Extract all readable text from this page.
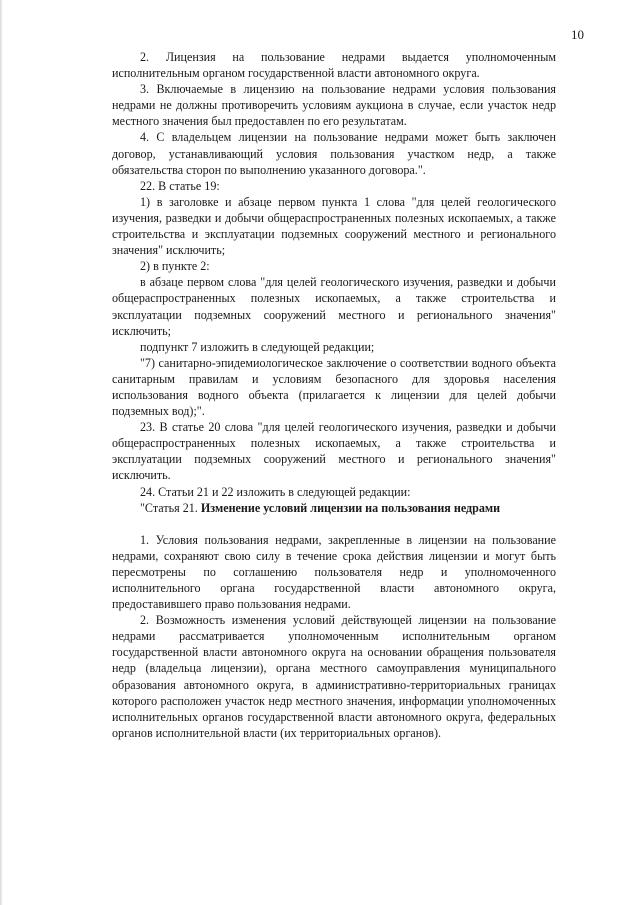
10

2. Лицензия на пользование недрами выдается уполномоченным исполнительным органом государственной власти автономного округа.

3. Включаемые в лицензию на пользование недрами условия пользования недрами не должны противоречить условиям аукциона в случае, если участок недр местного значения был предоставлен по его результатам.

4. С владельцем лицензии на пользование недрами может быть заключен договор, устанавливающий условия пользования участком недр, а также обязательства сторон по выполнению указанного договора.".

22. В статье 19:

1) в заголовке и абзаце первом пункта 1 слова "для целей геологического изучения, разведки и добычи общераспространенных полезных ископаемых, а также строительства и эксплуатации подземных сооружений местного и регионального значения" исключить;

2) в пункте 2:

в абзаце первом слова "для целей геологического изучения, разведки и добычи общераспространенных полезных ископаемых, а также строительства и эксплуатации подземных сооружений местного и регионального значения" исключить;

подпункт 7 изложить в следующей редакции;

"7) санитарно-эпидемиологическое заключение о соответствии водного объекта санитарным правилам и условиям безопасного для здоровья населения использования водного объекта (прилагается к лицензии для целей добычи подземных вод);".

23. В статье 20 слова "для целей геологического изучения, разведки и добычи общераспространенных полезных ископаемых, а также строительства и эксплуатации подземных сооружений местного и регионального значения" исключить.

24. Статьи 21 и 22 изложить в следующей редакции:

"Статья 21. Изменение условий лицензии на пользования недрами

1. Условия пользования недрами, закрепленные в лицензии на пользование недрами, сохраняют свою силу в течение срока действия лицензии и могут быть пересмотрены по соглашению пользователя недр и уполномоченного исполнительного органа государственной власти автономного округа, предоставившего право пользования недрами.

2. Возможность изменения условий действующей лицензии на пользование недрами рассматривается уполномоченным исполнительным органом государственной власти автономного округа на основании обращения пользователя недр (владельца лицензии), органа местного самоуправления муниципального образования автономного округа, в административно-территориальных границах которого расположен участок недр местного значения, информации уполномоченных исполнительных органов государственной власти автономного округа, федеральных органов исполнительной власти (их территориальных органов).
